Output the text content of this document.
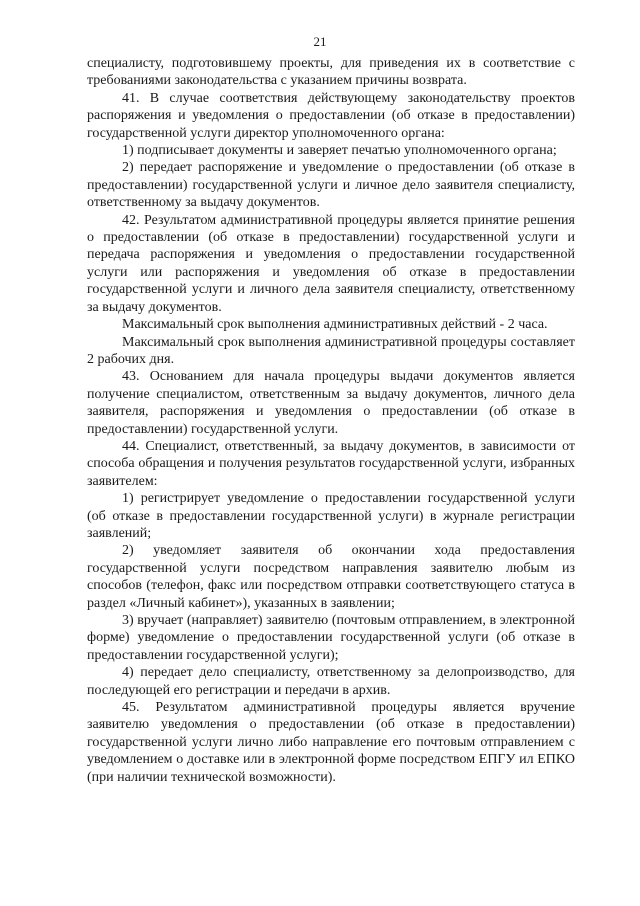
21

специалисту, подготовившему проекты, для приведения их в соответствие с требованиями законодательства с указанием причины возврата.

41. В случае соответствия действующему законодательству проектов распоряжения и уведомления о предоставлении (об отказе в предоставлении) государственной услуги директор уполномоченного органа:

1) подписывает документы и заверяет печатью уполномоченного органа;

2) передает распоряжение и уведомление о предоставлении (об отказе в предоставлении) государственной услуги и личное дело заявителя специалисту, ответственному за выдачу документов.

42. Результатом административной процедуры является принятие решения о предоставлении (об отказе в предоставлении) государственной услуги и передача распоряжения и уведомления о предоставлении государственной услуги или распоряжения и уведомления об отказе в предоставлении государственной услуги и личного дела заявителя специалисту, ответственному за выдачу документов.

Максимальный срок выполнения административных действий - 2 часа.

Максимальный срок выполнения административной процедуры составляет 2 рабочих дня.

43. Основанием для начала процедуры выдачи документов является получение специалистом, ответственным за выдачу документов, личного дела заявителя, распоряжения и уведомления о предоставлении (об отказе в предоставлении) государственной услуги.

44. Специалист, ответственный, за выдачу документов, в зависимости от способа обращения и получения результатов государственной услуги, избранных заявителем:

1) регистрирует уведомление о предоставлении государственной услуги (об отказе в предоставлении государственной услуги) в журнале регистрации заявлений;

2) уведомляет заявителя об окончании хода предоставления государственной услуги посредством направления заявителю любым из способов (телефон, факс или посредством отправки соответствующего статуса в раздел «Личный кабинет»), указанных в заявлении;

3) вручает (направляет) заявителю (почтовым отправлением, в электронной форме) уведомление о предоставлении государственной услуги (об отказе в предоставлении государственной услуги);

4) передает дело специалисту, ответственному за делопроизводство, для последующей его регистрации и передачи в архив.

45. Результатом административной процедуры является вручение заявителю уведомления о предоставлении (об отказе в предоставлении) государственной услуги лично либо направление его почтовым отправлением с уведомлением о доставке или в электронной форме посредством ЕПГУ ил ЕПКО (при наличии технической возможности).
